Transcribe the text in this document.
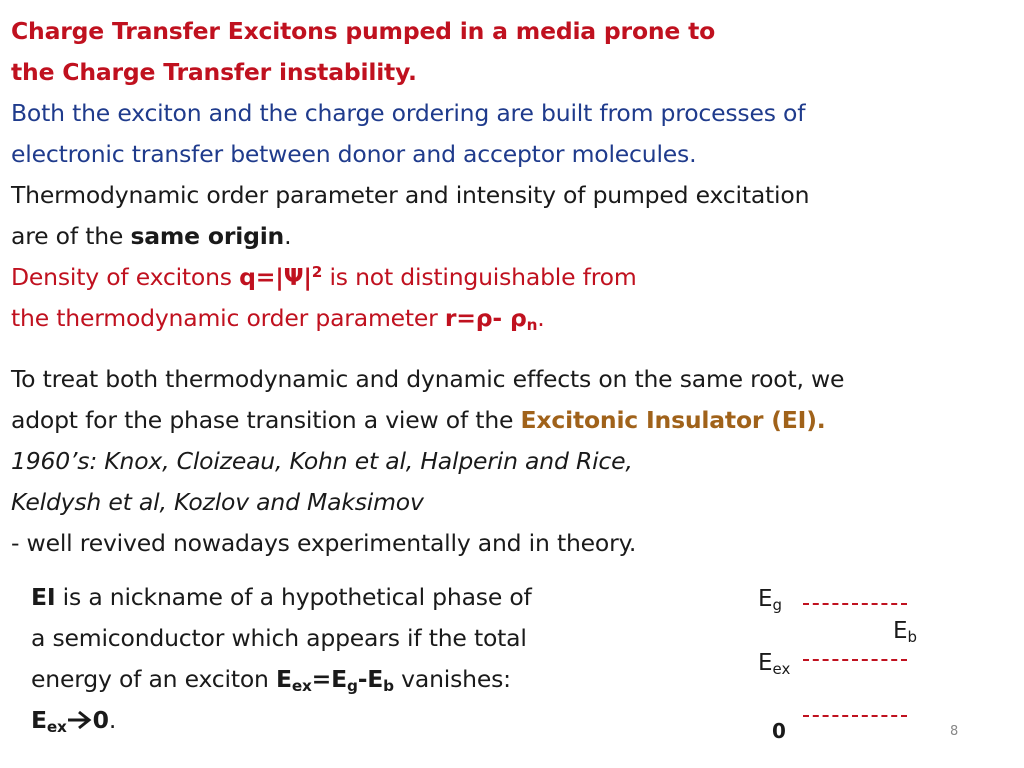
Charge Transfer Excitons pumped in a media prone to
the Charge Transfer instability.
Both the exciton and the charge ordering are built from processes of
electronic transfer between donor and acceptor molecules.
Thermodynamic order parameter and intensity of pumped excitation
are of the same origin.
Density of excitons $q=|\Psi|^2$ is not distinguishable from
the thermodynamic order parameter r=ρ- $\rho_n$.
To treat both thermodynamic and dynamic effects on the same root, we
adopt for the phase transition a view of the Excitonic Insulator (EI).
1960’s: Knox, Cloizeau, Kohn et al, Halperin and Rice,
Keldysh et al, Kozlov and Maksimov
- well revived nowadays experimentally and in theory.
EI is a nickname of a hypothetical phase of
a semiconductor which appears if the total
energy of an exciton $E_{ex}=E_g-E_b$ vanishes:
$E_{ex}$ 0.
$E_g$
$E_b$
$E_{ex}$
0	8
